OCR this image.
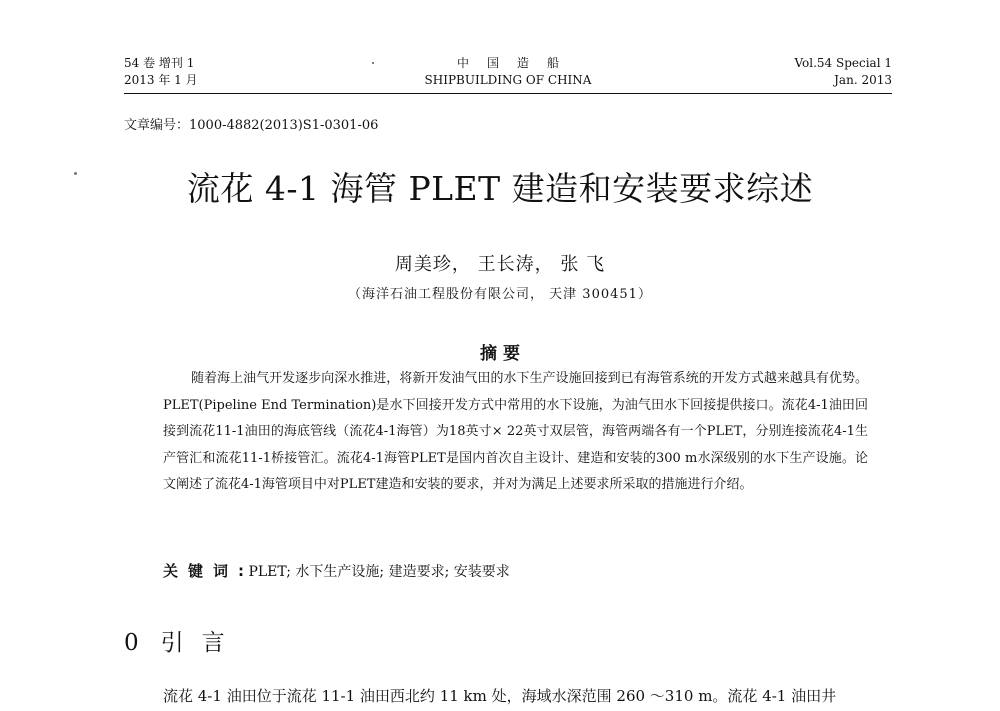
54 卷 增刊 1
2013 年 1 月
中国造船
SHIPBUILDING OF CHINA
Vol.54 Special 1
Jan. 2013
文章编号：1000-4882(2013)S1-0301-06
流花 4-1 海管 PLET 建造和安装要求综述
周美珍， 王长涛， 张 飞
（海洋石油工程股份有限公司， 天津 300451）
摘 要
随着海上油气开发逐步向深水推进，将新开发油气田的水下生产设施回接到已有海管系统的开发方式越来越具有优势。PLET(Pipeline End Termination)是水下回接开发方式中常用的水下设施，为油气田水下回接提供接口。流花4-1油田回接到流花11-1油田的海底管线（流花4-1海管）为18英寸× 22英寸双层管，海管两端各有一个PLET，分别连接流花4-1生产管汇和流花11-1桥接管汇。流花4-1海管PLET是国内首次自主设计、建造和安装的300 m水深级别的水下生产设施。论文阐述了流花4-1海管项目中对PLET建造和安装的要求，并对为满足上述要求所采取的措施进行介绍。
关键词: PLET; 水下生产设施; 建造要求; 安装要求
0 引言
流花 4-1 油田位于流花 11-1 油田西北约 11 km 处，海域水深范围 260 ～310 m。流花 4-1 油田井
